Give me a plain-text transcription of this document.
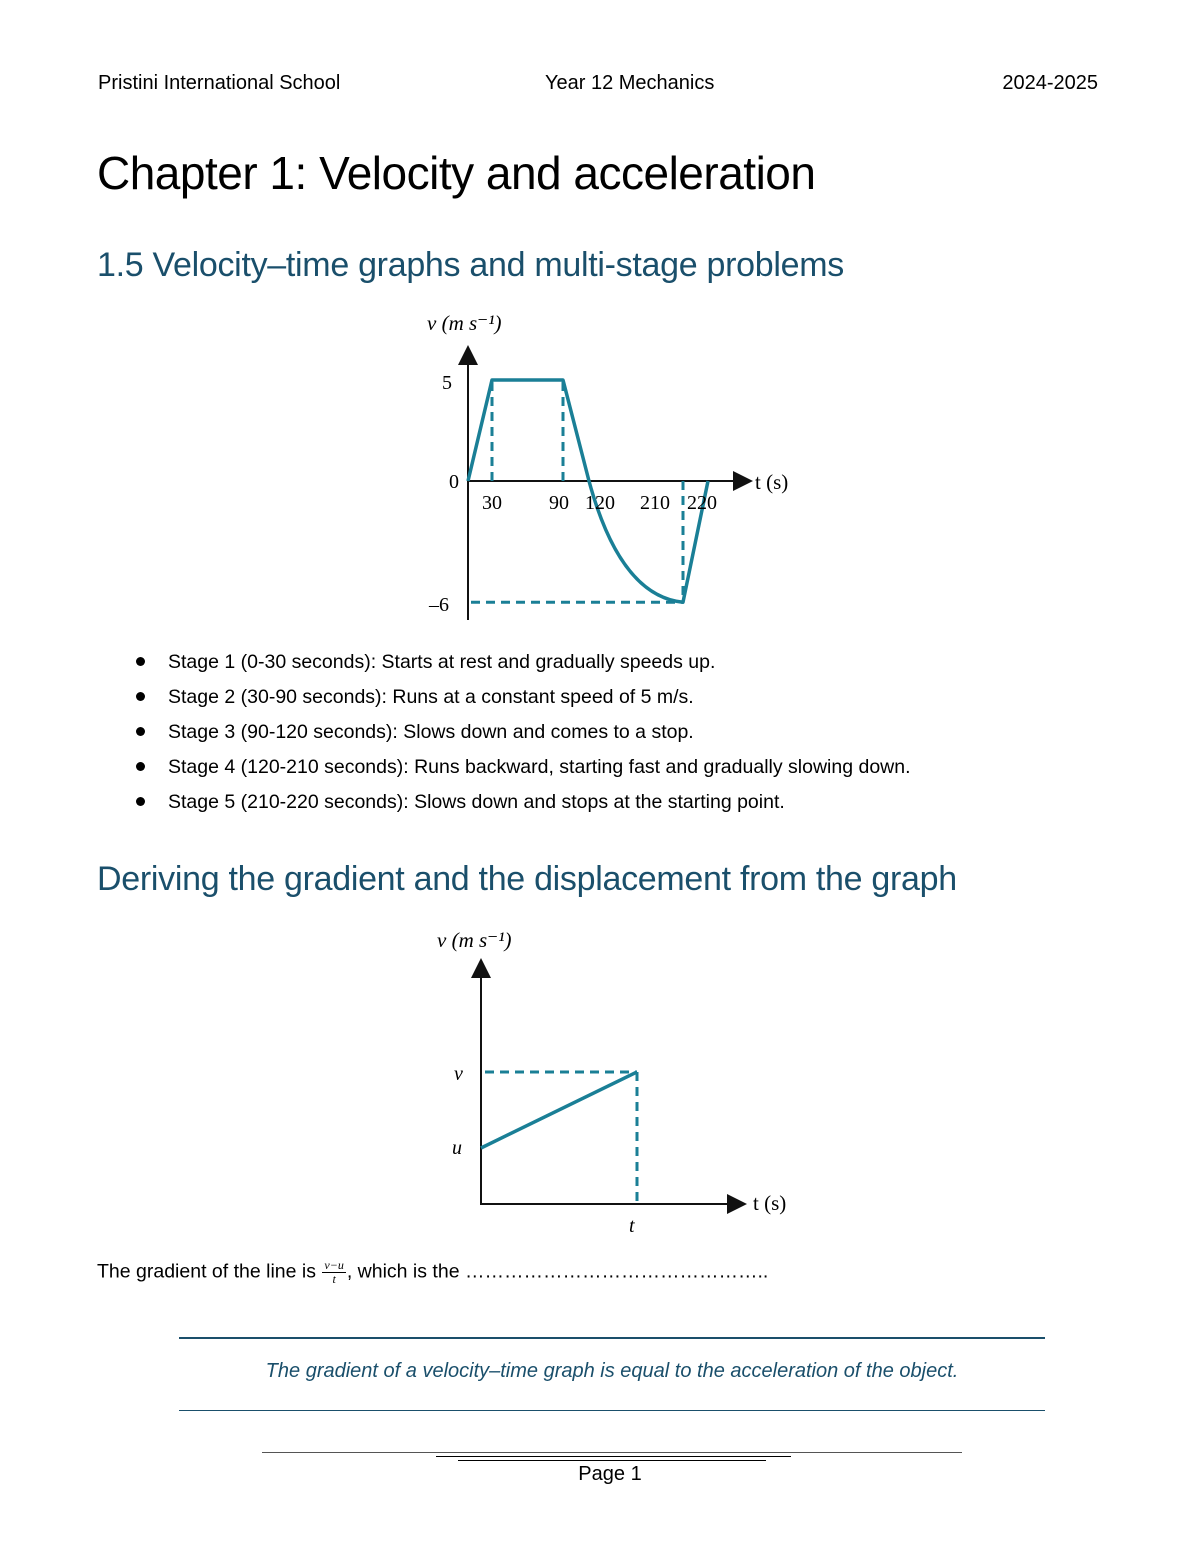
Pristini International School	Year 12 Mechanics	2024-2025
Chapter 1: Velocity and acceleration
1.5 Velocity–time graphs and multi-stage problems
v (m s⁻¹)
t (s)
5
0
–6
30 90 120 210 220
Stage 1 (0-30 seconds): Starts at rest and gradually speeds up.
Stage 2 (30-90 seconds): Runs at a constant speed of 5 m/s.
Stage 3 (90-120 seconds): Slows down and comes to a stop.
Stage 4 (120-210 seconds): Runs backward, starting fast and gradually slowing down.
Stage 5 (210-220 seconds): Slows down and stops at the starting point.
Deriving the gradient and the displacement from the graph
v (m s⁻¹)
t (s)
v
u
t
The gradient of the line is $\frac{v-u}{t}$ , which is the ………………………………………..
The gradient of a velocity–time graph is equal to the acceleration of the object.
Page 1
